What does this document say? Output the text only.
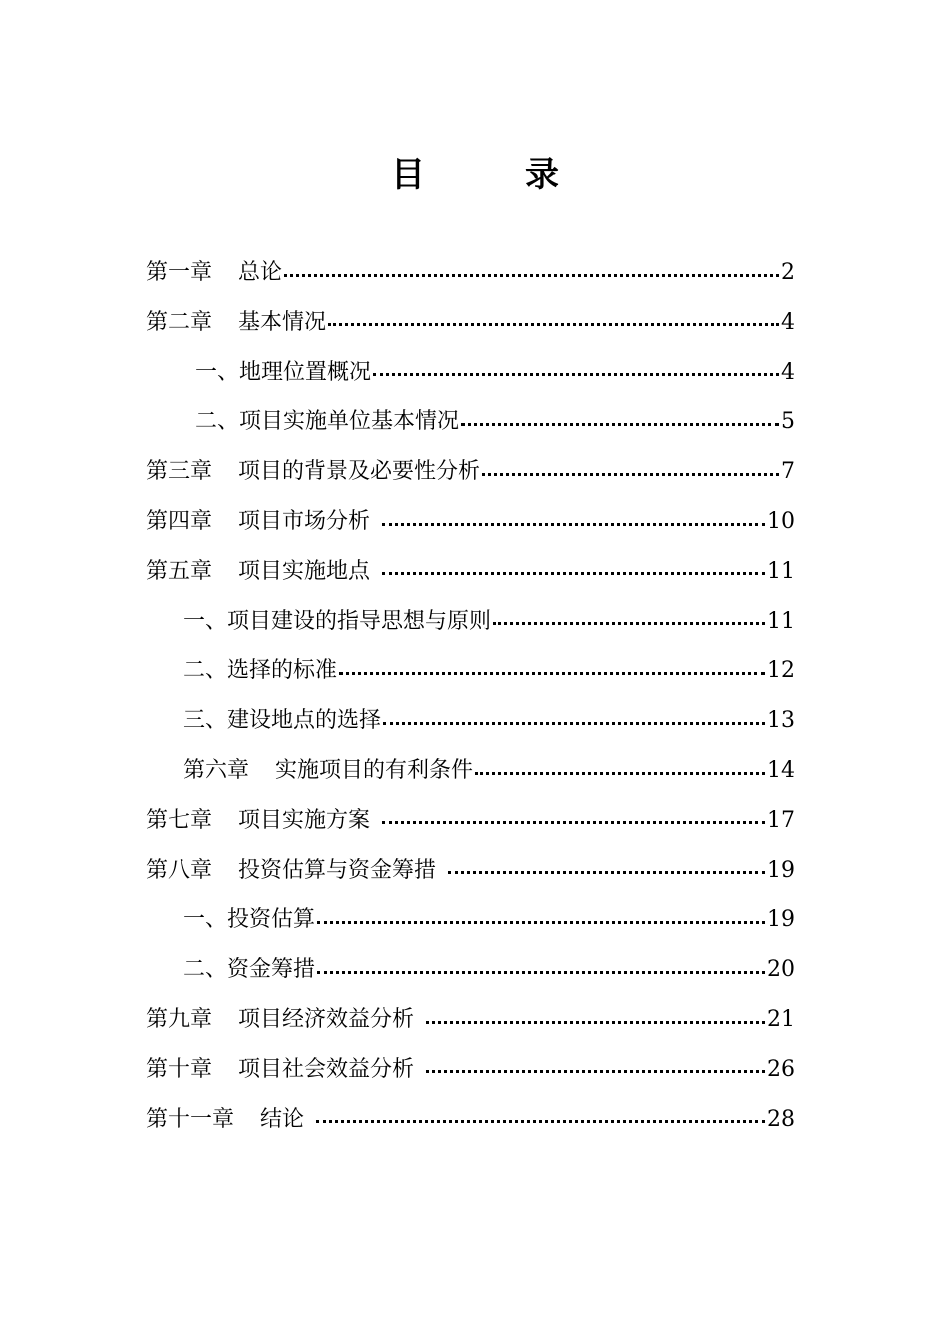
目	录
第一章 总论	2
第二章 基本情况	4
一、地理位置概况	4
二、项目实施单位基本情况	5
第三章 项目的背景及必要性分析	7
第四章 项目市场分析	10
第五章 项目实施地点	11
一、项目建设的指导思想与原则	11
二、选择的标准	12
三、建设地点的选择	13
第六章 实施项目的有利条件	14
第七章 项目实施方案	17
第八章 投资估算与资金筹措	19
一、投资估算	19
二、资金筹措	20
第九章 项目经济效益分析	21
第十章 项目社会效益分析	26
第十一章 结论	28
